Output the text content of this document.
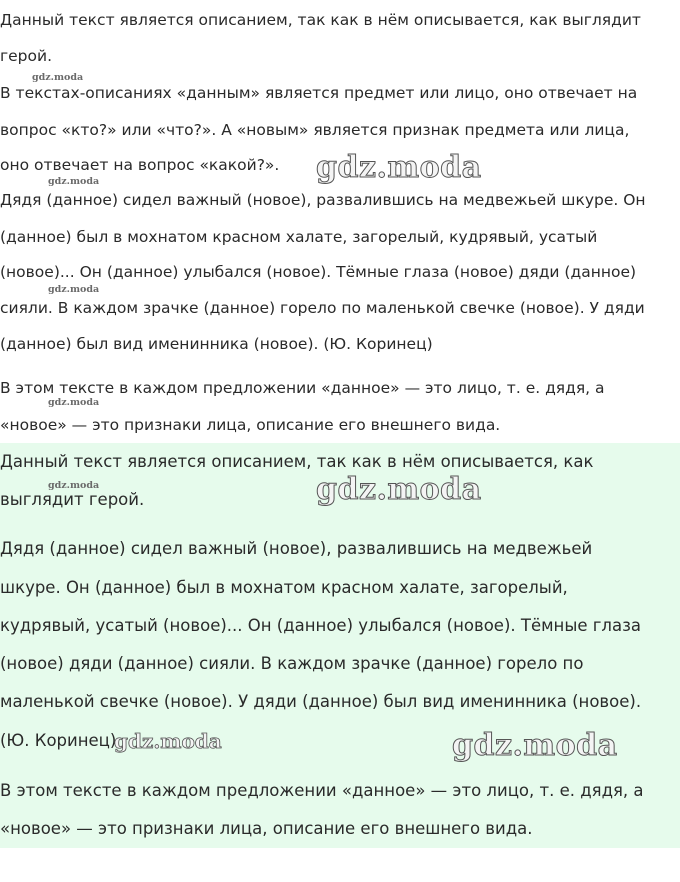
Данный текст является описанием, так как в нём описывается, как выглядит

герой.

В текстах-описаниях «данным» является предмет или лицо, оно отвечает на

вопрос «кто?» или «что?». А «новым» является признак предмета или лица,

оно отвечает на вопрос «какой?».

Дядя (данное) сидел важный (новое), развалившись на медвежьей шкуре. Он

(данное) был в мохнатом красном халате, загорелый, кудрявый, усатый

(новое)... Он (данное) улыбался (новое). Тёмные глаза (новое) дяди (данное)

сияли. В каждом зрачке (данное) горело по маленькой свечке (новое). У дяди

(данное) был вид именинника (новое). (Ю. Коринец)

В этом тексте в каждом предложении «данное» — это лицо, т. е. дядя, а

«новое» — это признаки лица, описание его внешнего вида.

Данный текст является описанием, так как в нём описывается, как

выглядит герой.

Дядя (данное) сидел важный (новое), развалившись на медвежьей

шкуре. Он (данное) был в мохнатом красном халате, загорелый,

кудрявый, усатый (новое)... Он (данное) улыбался (новое). Тёмные глаза

(новое) дяди (данное) сияли. В каждом зрачке (данное) горело по

маленькой свечке (новое). У дяди (данное) был вид именинника (новое).

(Ю. Коринец)

В этом тексте в каждом предложении «данное» — это лицо, т. е. дядя, а

«новое» — это признаки лица, описание его внешнего вида.

gdz.moda
gdz.moda
gdz.moda
gdz.moda
gdz.moda
gdz.moda
gdz.moda
gdz.moda
gdz.moda
